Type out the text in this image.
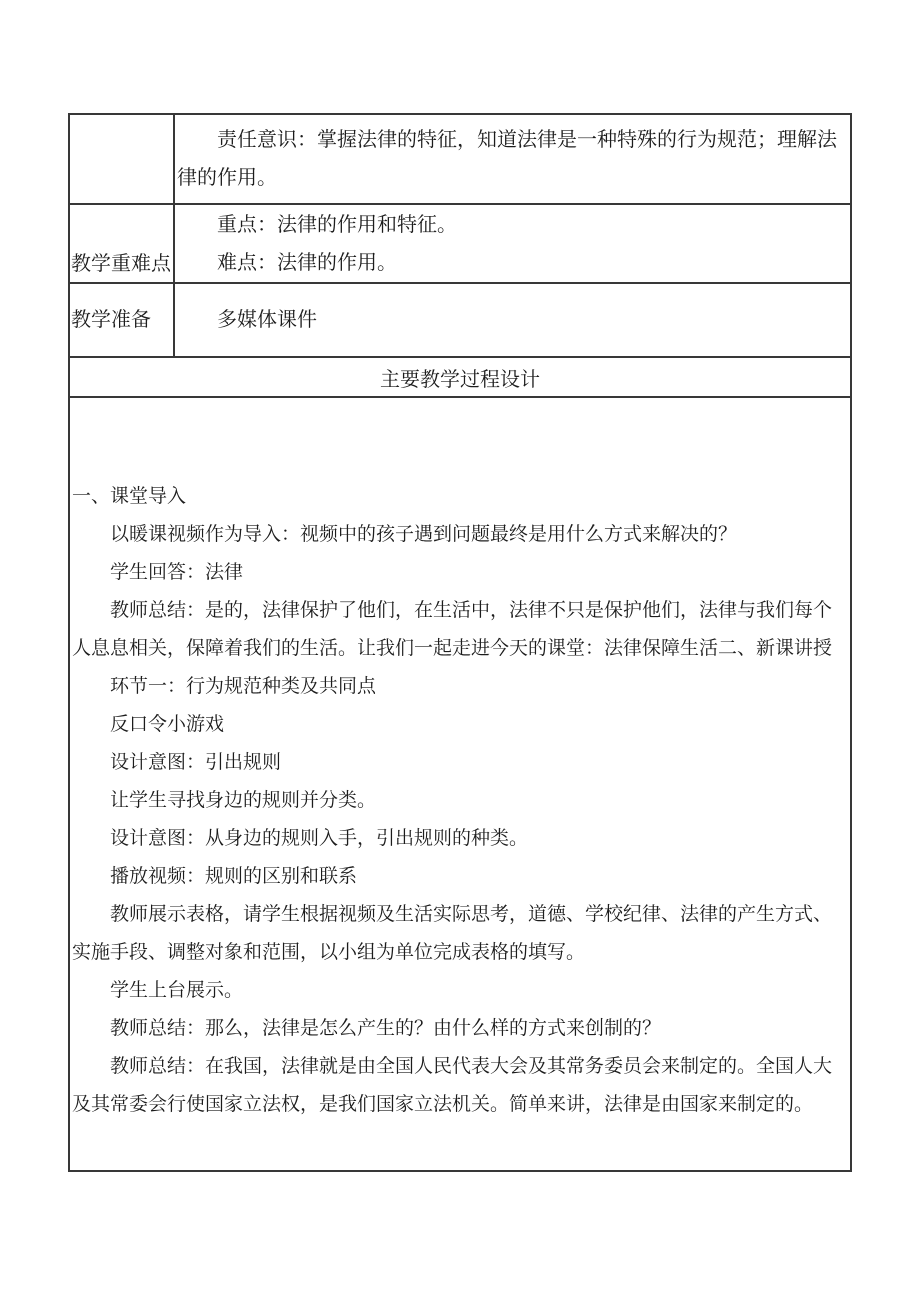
责任意识：掌握法律的特征，知道法律是一种特殊的行为规范；理解法律的作用。

教学重难点

重点：法律的作用和特征。

难点：法律的作用。

教学准备	多媒体课件

主要教学过程设计

一、课堂导入

以暖课视频作为导入：视频中的孩子遇到问题最终是用什么方式来解决的？

学生回答：法律

教师总结：是的，法律保护了他们，在生活中，法律不只是保护他们，法律与我们每个人息息相关，保障着我们的生活。让我们一起走进今天的课堂：法律保障生活二、新课讲授

环节一：行为规范种类及共同点

反口令小游戏

设计意图：引出规则

让学生寻找身边的规则并分类。

设计意图：从身边的规则入手，引出规则的种类。

播放视频：规则的区别和联系

教师展示表格，请学生根据视频及生活实际思考，道德、学校纪律、法律的产生方式、实施手段、调整对象和范围，以小组为单位完成表格的填写。

学生上台展示。

教师总结：那么，法律是怎么产生的？由什么样的方式来创制的？

教师总结：在我国，法律就是由全国人民代表大会及其常务委员会来制定的。全国人大及其常委会行使国家立法权，是我们国家立法机关。简单来讲，法律是由国家来制定的。
